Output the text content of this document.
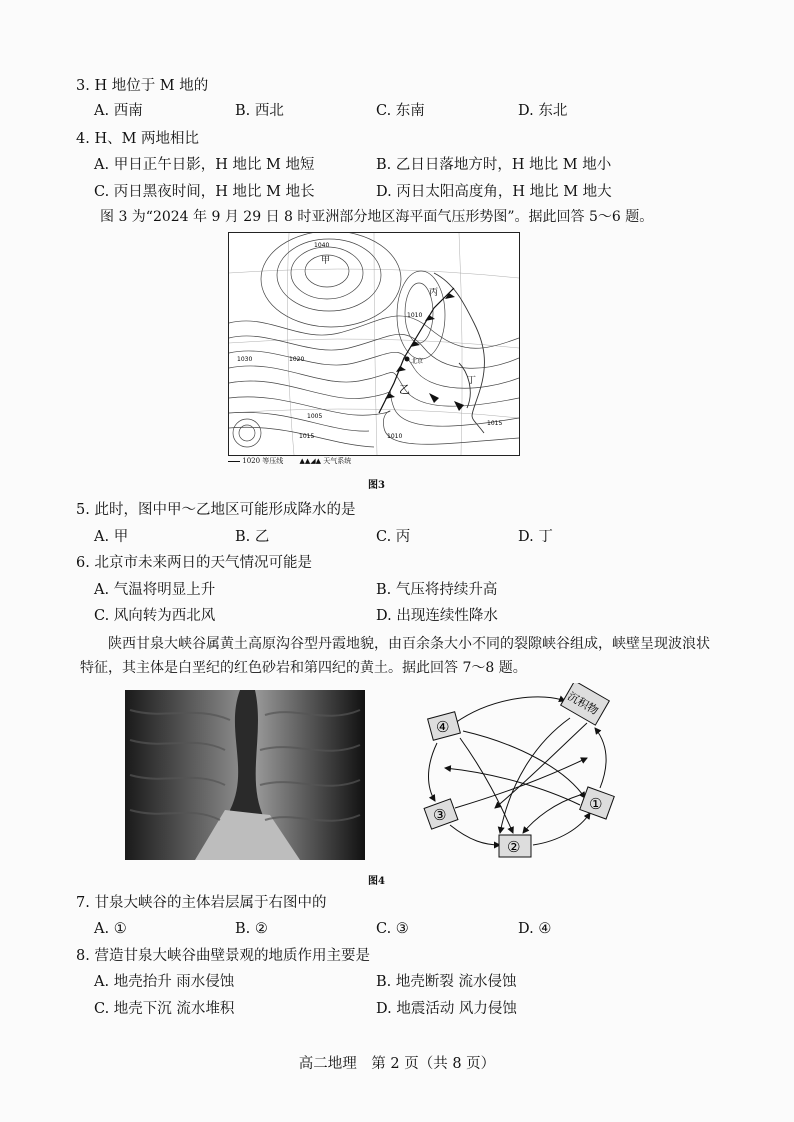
3. H 地位于 M 地的
A. 西南	B. 西北	C. 东南	D. 东北
4. H、M 两地相比
A. 甲日正午日影，H 地比 M 地短	B. 乙日日落地方时，H 地比 M 地小
C. 丙日黑夜时间，H 地比 M 地长	D. 丙日太阳高度角，H 地比 M 地大
图 3 为“2024 年 9 月 29 日 8 时亚洲部分地区海平面气压形势图”。据此回答 5～6 题。
甲
乙
丙
丁
北京
1040
1030	1020
1015
1010
1005
1010
1015
1020 等压线 ▲▲◢▲ 天气系统
图3
5. 此时，图中甲～乙地区可能形成降水的是
A. 甲	B. 乙	C. 丙	D. 丁
6. 北京市未来两日的天气情况可能是
A. 气温将明显上升	B. 气压将持续升高
C. 风向转为西北风	D. 出现连续性降水
陕西甘泉大峡谷属黄土高原沟谷型丹霞地貌，由百余条大小不同的裂隙峡谷组成，峡壁呈现波浪状特征，其主体是白垩纪的红色砂岩和第四纪的黄土。据此回答 7～8 题。
④
沉积物
③
②
①
图4
7. 甘泉大峡谷的主体岩层属于右图中的
A. ①	B. ②	C. ③	D. ④
8. 营造甘泉大峡谷曲壁景观的地质作用主要是
A. 地壳抬升 雨水侵蚀	B. 地壳断裂 流水侵蚀
C. 地壳下沉 流水堆积	D. 地震活动 风力侵蚀
高二地理　第 2 页（共 8 页）
